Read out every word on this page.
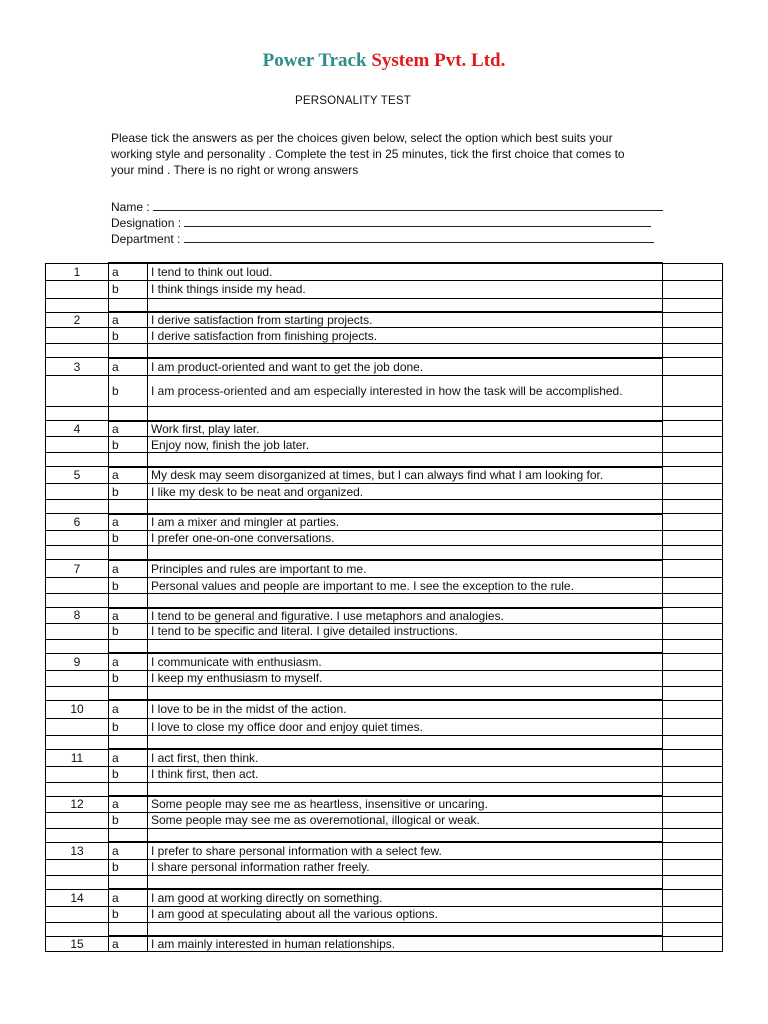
Power Track System Pvt. Ltd.
PERSONALITY TEST
Please tick the answers as per the choices given below, select the option which best suits your working style and personality . Complete the test in 25 minutes, tick the first choice that comes to your mind . There is no right or wrong answers
Name :
Designation :
Department :
1	a	I tend to think out loud.	
	b	I think things inside my head.	

2	a	I derive satisfaction from starting projects.	
	b	I derive satisfaction from finishing projects.	

3	a	I am product-oriented and want to get the job done.	
	b	I am process-oriented and am especially interested in how the task will be accomplished.	

4	a	Work first, play later.	
	b	Enjoy now, finish the job later.	

5	a	My desk may seem disorganized at times, but I can always find what I am looking for.	
	b	I like my desk to be neat and organized.	

6	a	I am a mixer and mingler at parties.	
	b	I prefer one-on-one conversations.	

7	a	Principles and rules are important to me.	
	b	Personal values and people are important to me. I see the exception to the rule.	

8	a	I tend to be general and figurative. I use metaphors and analogies.	
	b	I tend to be specific and literal. I give detailed instructions.	

9	a	I communicate with enthusiasm.	
	b	I keep my enthusiasm to myself.	

10	a	I love to be in the midst of the action.	
	b	I love to close my office door and enjoy quiet times.	

11	a	I act first, then think.	
	b	I think first, then act.	

12	a	Some people may see me as heartless, insensitive or uncaring.	
	b	Some people may see me as overemotional, illogical or weak.	

13	a	I prefer to share personal information with a select few.	
	b	I share personal information rather freely.	

14	a	I am good at working directly on something.	
	b	I am good at speculating about all the various options.	

15	a	I am mainly interested in human relationships.	
